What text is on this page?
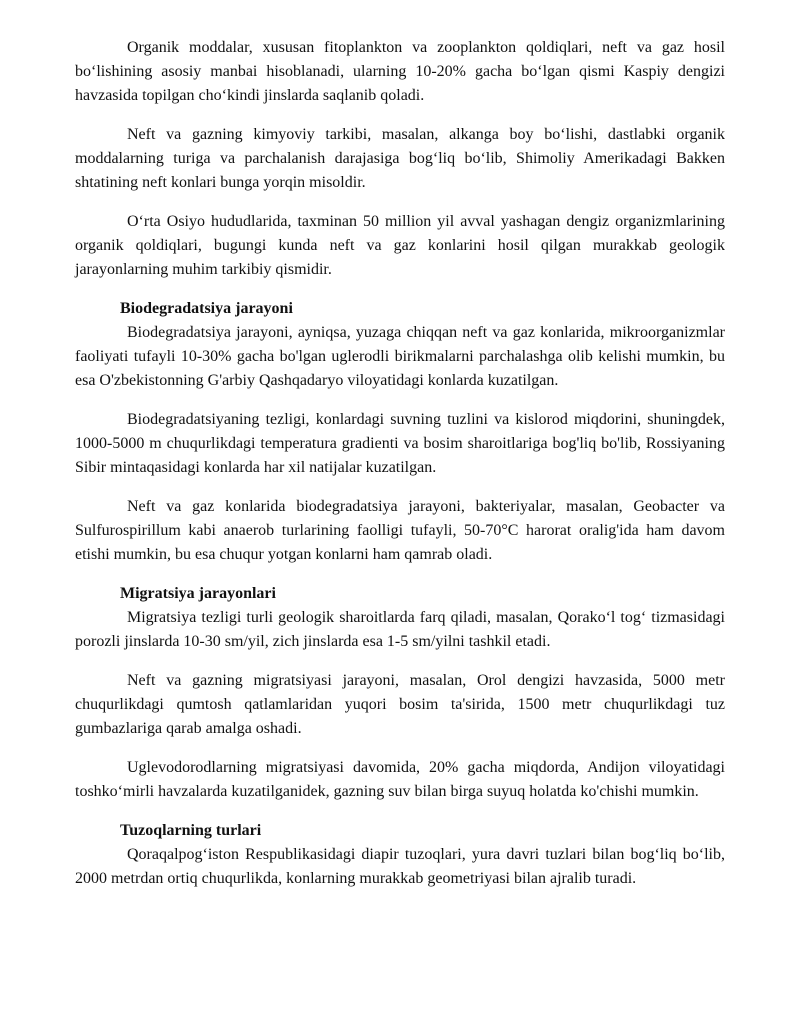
Organik moddalar, xususan fitoplankton va zooplankton qoldiqlari, neft va gaz hosil boʻlishining asosiy manbai hisoblanadi, ularning 10-20% gacha boʻlgan qismi Kaspiy dengizi havzasida topilgan choʻkindi jinslarda saqlanib qoladi.

Neft va gazning kimyoviy tarkibi, masalan, alkanga boy boʻlishi, dastlabki organik moddalarning turiga va parchalanish darajasiga bogʻliq boʻlib, Shimoliy Amerikadagi Bakken shtatining neft konlari bunga yorqin misoldir.

Oʻrta Osiyo hududlarida, taxminan 50 million yil avval yashagan dengiz organizmlarining organik qoldiqlari, bugungi kunda neft va gaz konlarini hosil qilgan murakkab geologik jarayonlarning muhim tarkibiy qismidir.

Biodegradatsiya jarayoni

Biodegradatsiya jarayoni, ayniqsa, yuzaga chiqqan neft va gaz konlarida, mikroorganizmlar faoliyati tufayli 10-30% gacha bo'lgan uglerodli birikmalarni parchalashga olib kelishi mumkin, bu esa O'zbekistonning G'arbiy Qashqadaryo viloyatidagi konlarda kuzatilgan.

Biodegradatsiyaning tezligi, konlardagi suvning tuzlini va kislorod miqdorini, shuningdek, 1000-5000 m chuqurlikdagi temperatura gradienti va bosim sharoitlariga bog'liq bo'lib, Rossiyaning Sibir mintaqasidagi konlarda har xil natijalar kuzatilgan.

Neft va gaz konlarida biodegradatsiya jarayoni, bakteriyalar, masalan, Geobacter va Sulfurospirillum kabi anaerob turlarining faolligi tufayli, 50-70°C harorat oralig'ida ham davom etishi mumkin, bu esa chuqur yotgan konlarni ham qamrab oladi.

Migratsiya jarayonlari

Migratsiya tezligi turli geologik sharoitlarda farq qiladi, masalan, Qorakoʻl togʻ tizmasidagi porozli jinslarda 10-30 sm/yil, zich jinslarda esa 1-5 sm/yilni tashkil etadi.

Neft va gazning migratsiyasi jarayoni, masalan, Orol dengizi havzasida, 5000 metr chuqurlikdagi qumtosh qatlamlaridan yuqori bosim ta'sirida, 1500 metr chuqurlikdagi tuz gumbazlariga qarab amalga oshadi.

Uglevodorodlarning migratsiyasi davomida, 20% gacha miqdorda, Andijon viloyatidagi toshkoʻmirli havzalarda kuzatilganidek, gazning suv bilan birga suyuq holatda ko'chishi mumkin.

Tuzoqlarning turlari

Qoraqalpogʻiston Respublikasidagi diapir tuzoqlari, yura davri tuzlari bilan bogʻliq boʻlib, 2000 metrdan ortiq chuqurlikda, konlarning murakkab geometriyasi bilan ajralib turadi.
